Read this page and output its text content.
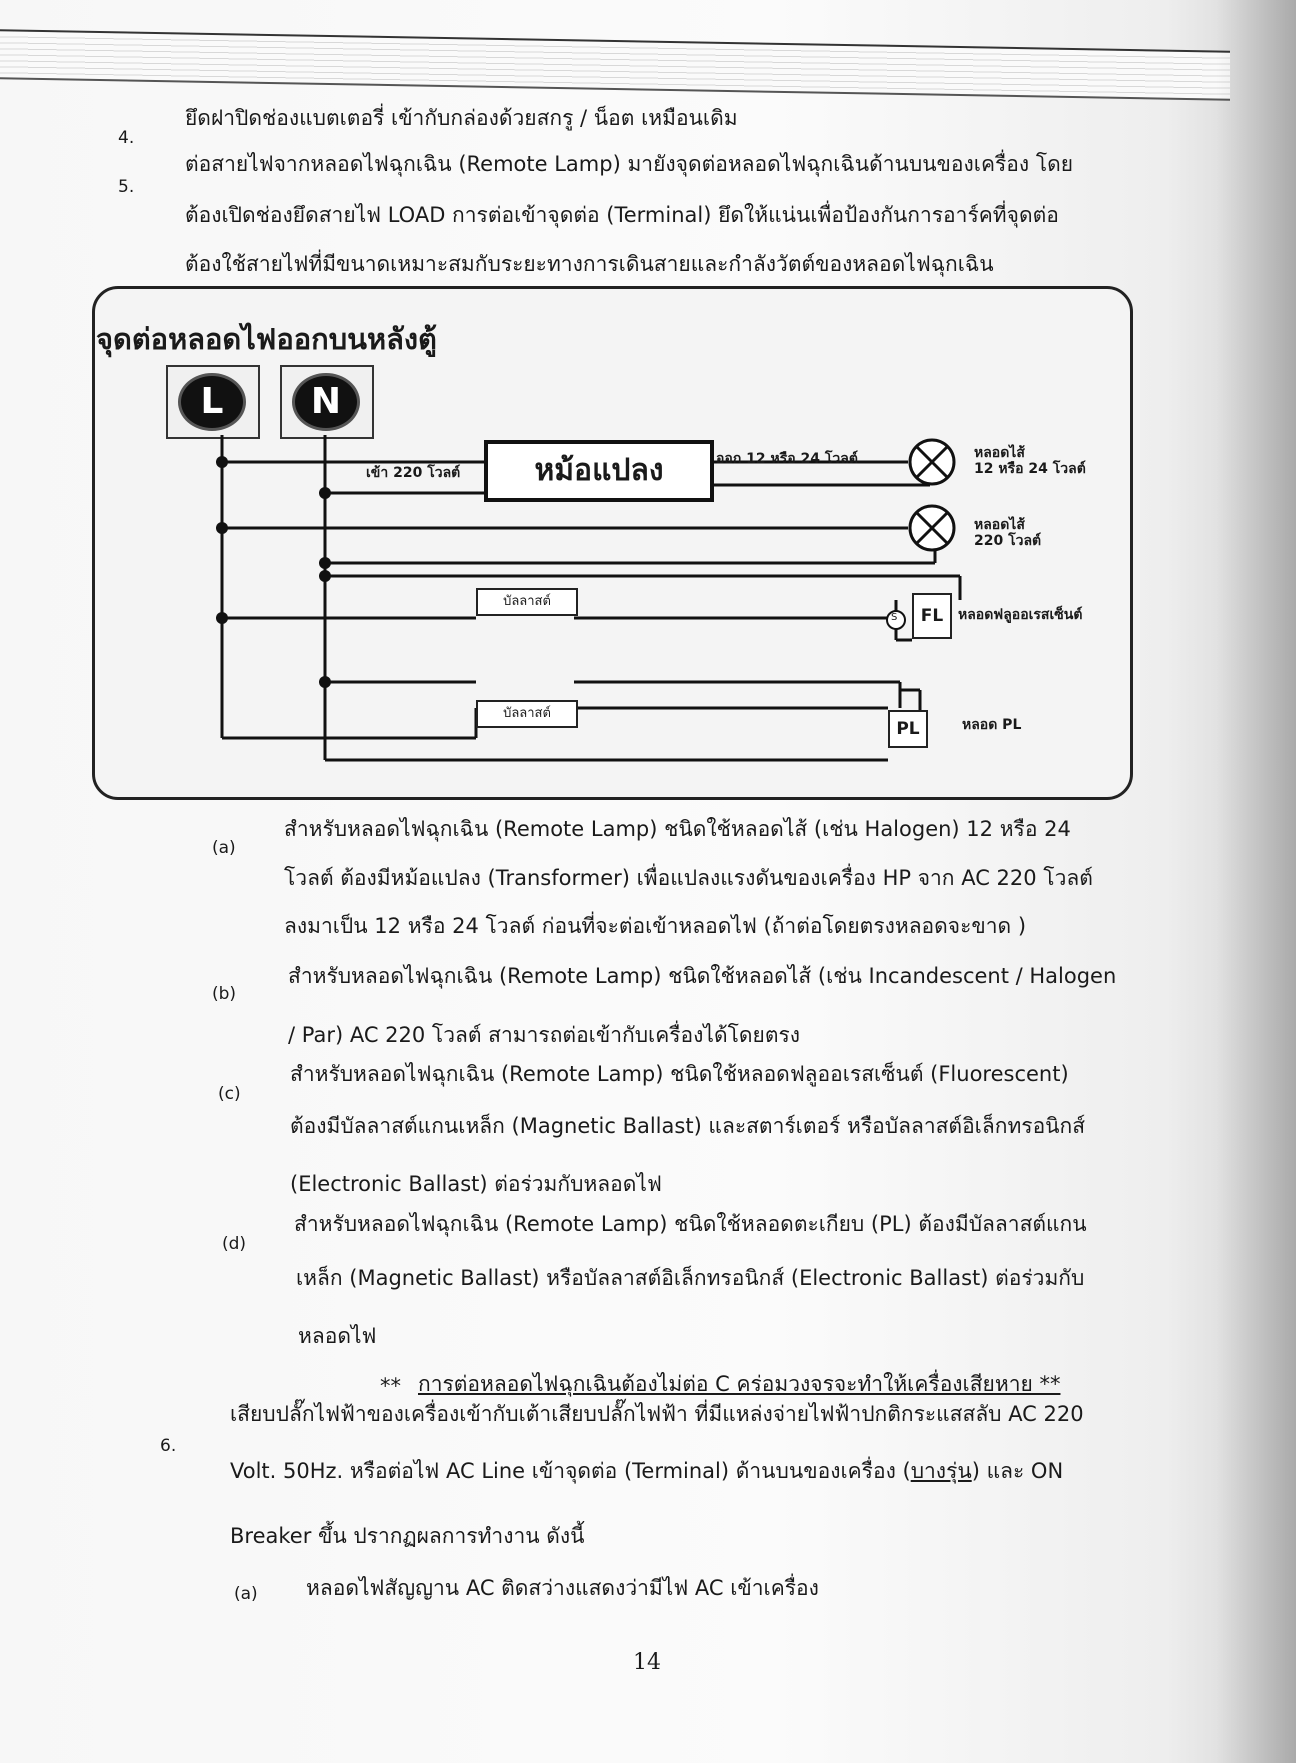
4.
ยึดฝาปิดช่องแบตเตอรี่ เข้ากับกล่องด้วยสกรู / น็อต เหมือนเดิม
5.
ต่อสายไฟจากหลอดไฟฉุกเฉิน (Remote Lamp) มายังจุดต่อหลอดไฟฉุกเฉินด้านบนของเครื่อง โดย
ต้องเปิดช่องยึดสายไฟ LOAD การต่อเข้าจุดต่อ (Terminal) ยึดให้แน่นเพื่อป้องกันการอาร์คที่จุดต่อ
ต้องใช้สายไฟที่มีขนาดเหมาะสมกับระยะทางการเดินสายและกำลังวัตต์ของหลอดไฟฉุกเฉิน
จุดต่อหลอดไฟออกบนหลังตู้
L	N
เข้า 220 โวลต์	หม้อแปลง	ออก 12 หรือ 24 โวลต์	หลอดไส้
12 หรือ 24 โวลต์
หลอดไส้
220 โวลต์
บัลลาสต์
S	FL	หลอดฟลูออเรสเซ็นต์
บัลลาสต์
PL	หลอด PL
(a)
สำหรับหลอดไฟฉุกเฉิน (Remote Lamp) ชนิดใช้หลอดไส้ (เช่น Halogen) 12 หรือ 24
โวลต์ ต้องมีหม้อแปลง (Transformer) เพื่อแปลงแรงดันของเครื่อง HP จาก AC 220 โวลต์
ลงมาเป็น 12 หรือ 24 โวลต์ ก่อนที่จะต่อเข้าหลอดไฟ (ถ้าต่อโดยตรงหลอดจะขาด )
(b)
สำหรับหลอดไฟฉุกเฉิน (Remote Lamp) ชนิดใช้หลอดไส้ (เช่น Incandescent / Halogen
/ Par) AC 220 โวลต์ สามารถต่อเข้ากับเครื่องได้โดยตรง
(c)
สำหรับหลอดไฟฉุกเฉิน (Remote Lamp) ชนิดใช้หลอดฟลูออเรสเซ็นต์ (Fluorescent)
ต้องมีบัลลาสต์แกนเหล็ก (Magnetic Ballast) และสตาร์เตอร์ หรือบัลลาสต์อิเล็กทรอนิกส์
(Electronic Ballast) ต่อร่วมกับหลอดไฟ
(d)
สำหรับหลอดไฟฉุกเฉิน (Remote Lamp) ชนิดใช้หลอดตะเกียบ (PL) ต้องมีบัลลาสต์แกน
เหล็ก (Magnetic Ballast) หรือบัลลาสต์อิเล็กทรอนิกส์ (Electronic Ballast) ต่อร่วมกับ
หลอดไฟ
** การต่อหลอดไฟฉุกเฉินต้องไม่ต่อ C คร่อมวงจรจะทำให้เครื่องเสียหาย **
6.
เสียบปลั๊กไฟฟ้าของเครื่องเข้ากับเต้าเสียบปลั๊กไฟฟ้า ที่มีแหล่งจ่ายไฟฟ้าปกติกระแสสลับ AC 220
Volt. 50Hz. หรือต่อไฟ AC Line เข้าจุดต่อ (Terminal) ด้านบนของเครื่อง (บางรุ่น) และ ON
Breaker ขึ้น ปรากฏผลการทำงาน ดังนี้
(a) หลอดไฟสัญญาน AC ติดสว่างแสดงว่ามีไฟ AC เข้าเครื่อง
14
